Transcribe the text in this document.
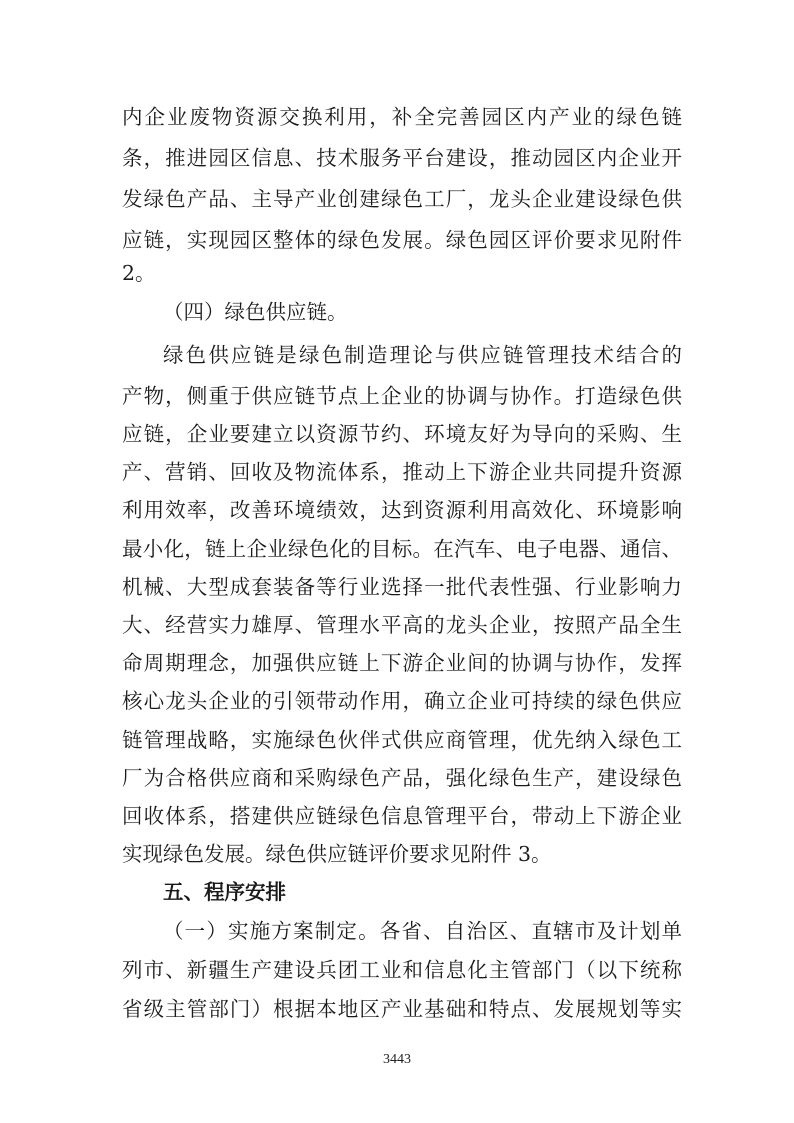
内企业废物资源交换利用，补全完善园区内产业的绿色链
条，推进园区信息、技术服务平台建设，推动园区内企业开
发绿色产品、主导产业创建绿色工厂，龙头企业建设绿色供
应链，实现园区整体的绿色发展。绿色园区评价要求见附件
2。
（四）绿色供应链。
绿色供应链是绿色制造理论与供应链管理技术结合的
产物，侧重于供应链节点上企业的协调与协作。打造绿色供
应链，企业要建立以资源节约、环境友好为导向的采购、生
产、营销、回收及物流体系，推动上下游企业共同提升资源
利用效率，改善环境绩效，达到资源利用高效化、环境影响
最小化，链上企业绿色化的目标。在汽车、电子电器、通信、
机械、大型成套装备等行业选择一批代表性强、行业影响力
大、经营实力雄厚、管理水平高的龙头企业，按照产品全生
命周期理念，加强供应链上下游企业间的协调与协作，发挥
核心龙头企业的引领带动作用，确立企业可持续的绿色供应
链管理战略，实施绿色伙伴式供应商管理，优先纳入绿色工
厂为合格供应商和采购绿色产品，强化绿色生产，建设绿色
回收体系，搭建供应链绿色信息管理平台，带动上下游企业
实现绿色发展。绿色供应链评价要求见附件 3。
五、程序安排
（一）实施方案制定。各省、自治区、直辖市及计划单
列市、新疆生产建设兵团工业和信息化主管部门（以下统称
省级主管部门）根据本地区产业基础和特点、发展规划等实
3443
